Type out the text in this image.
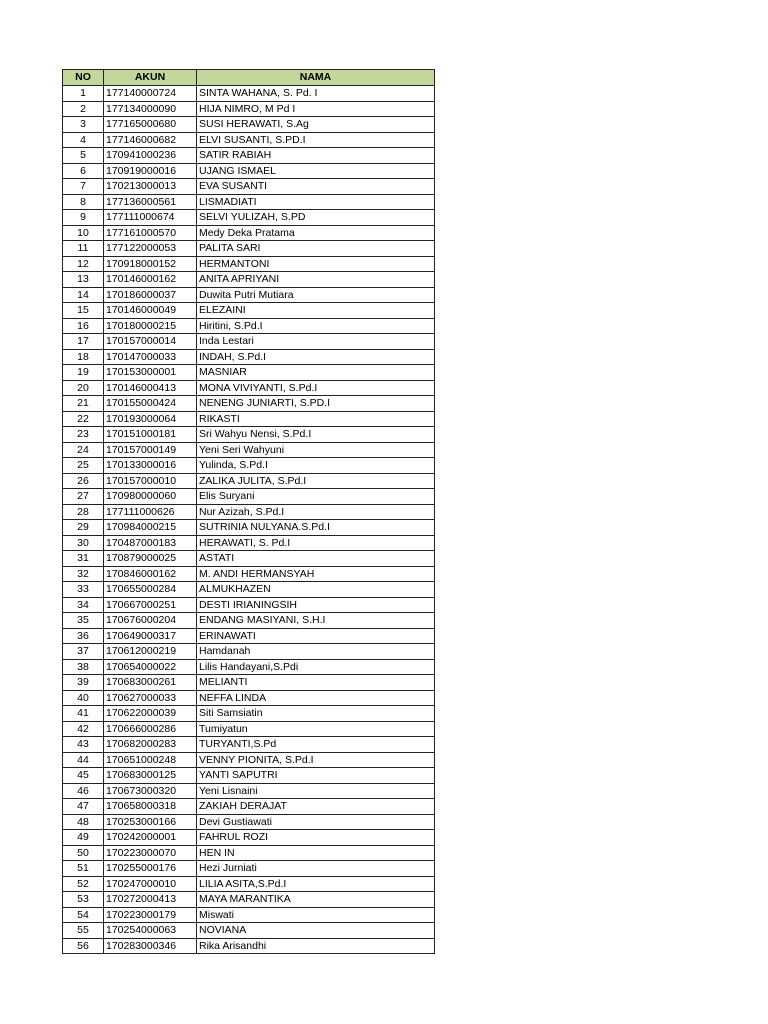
NO	AKUN	NAMA
1	177140000724	SINTA WAHANA, S. Pd. I
2	177134000090	HIJA NIMRO, M Pd I
3	177165000680	SUSI HERAWATI, S.Ag
4	177146000682	ELVI SUSANTI, S.PD.I
5	170941000236	SATIR RABIAH
6	170919000016	UJANG ISMAEL
7	170213000013	EVA SUSANTI
8	177136000561	LISMADIATI
9	177111000674	SELVI YULIZAH, S.PD
10	177161000570	Medy Deka Pratama
11	177122000053	PALITA SARI
12	170918000152	HERMANTONI
13	170146000162	ANITA APRIYANI
14	170186000037	Duwita Putri Mutiara
15	170146000049	ELEZAINI
16	170180000215	Hiritini, S.Pd.I
17	170157000014	Inda Lestari
18	170147000033	INDAH, S.Pd.I
19	170153000001	MASNIAR
20	170146000413	MONA VIVIYANTI, S.Pd.I
21	170155000424	NENENG JUNIARTI, S.PD.I
22	170193000064	RIKASTI
23	170151000181	Sri Wahyu Nensi, S.Pd.I
24	170157000149	Yeni Seri Wahyuni
25	170133000016	Yulinda, S.Pd.I
26	170157000010	ZALIKA JULITA, S.Pd.I
27	170980000060	Elis Suryani
28	177111000626	Nur Azizah, S.Pd.I
29	170984000215	SUTRINIA NULYANA.S.Pd.I
30	170487000183	HERAWATI, S. Pd.I
31	170879000025	ASTATI
32	170846000162	M. ANDI HERMANSYAH
33	170655000284	ALMUKHAZEN
34	170667000251	DESTI IRIANINGSIH
35	170676000204	ENDANG MASIYANI, S.H.I
36	170649000317	ERINAWATI
37	170612000219	Hamdanah
38	170654000022	Lilis Handayani,S.Pdi
39	170683000261	MELIANTI
40	170627000033	NEFFA LINDA
41	170622000039	Siti Samsiatin
42	170666000286	Tumiyatun
43	170682000283	TURYANTI,S.Pd
44	170651000248	VENNY PIONITA, S.Pd.I
45	170683000125	YANTI SAPUTRI
46	170673000320	Yeni Lisnaini
47	170658000318	ZAKIAH DERAJAT
48	170253000166	Devi Gustiawati
49	170242000001	FAHRUL ROZI
50	170223000070	HEN IN
51	170255000176	Hezi Jurniati
52	170247000010	LILIA ASITA,S.Pd.I
53	170272000413	MAYA MARANTIKA
54	170223000179	Miswati
55	170254000063	NOVIANA
56	170283000346	Rika Arisandhi
